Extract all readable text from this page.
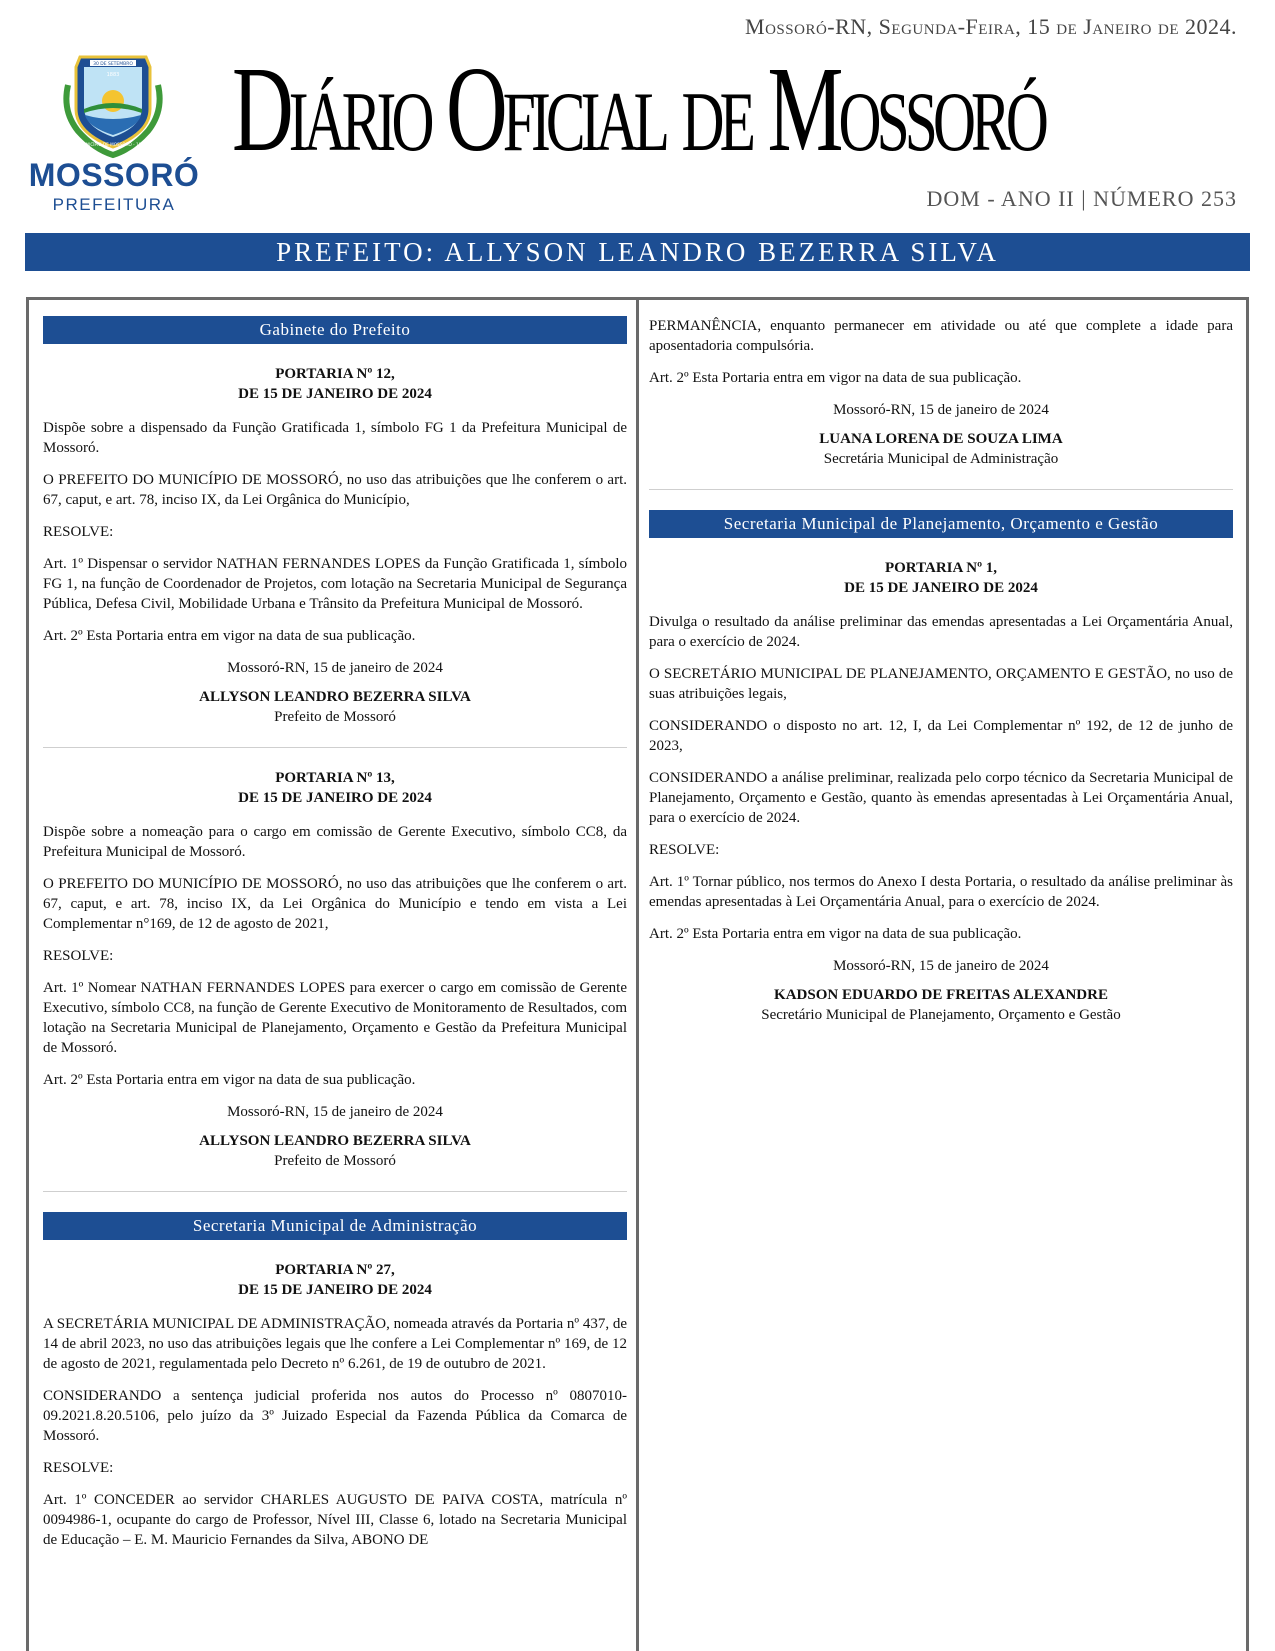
Mossoró-RN, Segunda-Feira, 15 de Janeiro de 2024.
30 DE SETEMBRO
1883
MUNICÍPIO DE MOSSORÓ - 1852
MOSSORÓ
PREFEITURA
Diário Oficial de Mossoró
DOM - ANO II | NÚMERO 253
PREFEITO: ALLYSON LEANDRO BEZERRA SILVA
Gabinete do Prefeito

PORTARIA Nº 12,

DE 15 DE JANEIRO DE 2024

Dispõe sobre a dispensado da Função Gratificada 1, símbolo FG 1 da Prefeitura Municipal de Mossoró.

O PREFEITO DO MUNICÍPIO DE MOSSORÓ, no uso das atribuições que lhe conferem o art. 67, caput, e art. 78, inciso IX, da Lei Orgânica do Município,

RESOLVE:

Art. 1º Dispensar o servidor NATHAN FERNANDES LOPES da Função Gratificada 1, símbolo FG 1, na função de Coordenador de Projetos, com lotação na Secretaria Municipal de Segurança Pública, Defesa Civil, Mobilidade Urbana e Trânsito da Prefeitura Municipal de Mossoró.

Art. 2º Esta Portaria entra em vigor na data de sua publicação.

Mossoró-RN, 15 de janeiro de 2024

ALLYSON LEANDRO BEZERRA SILVA

Prefeito de Mossoró

PORTARIA Nº 13,

DE 15 DE JANEIRO DE 2024

Dispõe sobre a nomeação para o cargo em comissão de Gerente Executivo, símbolo CC8, da Prefeitura Municipal de Mossoró.

O PREFEITO DO MUNICÍPIO DE MOSSORÓ, no uso das atribuições que lhe conferem o art. 67, caput, e art. 78, inciso IX, da Lei Orgânica do Município e tendo em vista a Lei Complementar n°169, de 12 de agosto de 2021,

RESOLVE:

Art. 1º Nomear NATHAN FERNANDES LOPES para exercer o cargo em comissão de Gerente Executivo, símbolo CC8, na função de Gerente Executivo de Monitoramento de Resultados, com lotação na Secretaria Municipal de Planejamento, Orçamento e Gestão da Prefeitura Municipal de Mossoró.

Art. 2º Esta Portaria entra em vigor na data de sua publicação.

Mossoró-RN, 15 de janeiro de 2024

ALLYSON LEANDRO BEZERRA SILVA

Prefeito de Mossoró

Secretaria Municipal de Administração

PORTARIA Nº 27,

DE 15 DE JANEIRO DE 2024

A SECRETÁRIA MUNICIPAL DE ADMINISTRAÇÃO, nomeada através da Portaria nº 437, de 14 de abril 2023, no uso das atribuições legais que lhe confere a Lei Complementar nº 169, de 12 de agosto de 2021, regulamentada pelo Decreto nº 6.261, de 19 de outubro de 2021.

CONSIDERANDO a sentença judicial proferida nos autos do Processo nº 0807010-09.2021.8.20.5106, pelo juízo da 3º Juizado Especial da Fazenda Pública da Comarca de Mossoró.

RESOLVE:

Art. 1º CONCEDER ao servidor CHARLES AUGUSTO DE PAIVA COSTA, matrícula nº 0094986-1, ocupante do cargo de Professor, Nível III, Classe 6, lotado na Secretaria Municipal de Educação – E. M. Mauricio Fernandes da Silva, ABONO DE

PERMANÊNCIA, enquanto permanecer em atividade ou até que complete a idade para aposentadoria compulsória.

Art. 2º Esta Portaria entra em vigor na data de sua publicação.

Mossoró-RN, 15 de janeiro de 2024

LUANA LORENA DE SOUZA LIMA

Secretária Municipal de Administração

Secretaria Municipal de Planejamento, Orçamento e Gestão

PORTARIA Nº 1,

DE 15 DE JANEIRO DE 2024

Divulga o resultado da análise preliminar das emendas apresentadas a Lei Orçamentária Anual, para o exercício de 2024.

O SECRETÁRIO MUNICIPAL DE PLANEJAMENTO, ORÇAMENTO E GESTÃO, no uso de suas atribuições legais,

CONSIDERANDO o disposto no art. 12, I, da Lei Complementar nº 192, de 12 de junho de 2023,

CONSIDERANDO a análise preliminar, realizada pelo corpo técnico da Secretaria Municipal de Planejamento, Orçamento e Gestão, quanto às emendas apresentadas à Lei Orçamentária Anual, para o exercício de 2024.

RESOLVE:

Art. 1º Tornar público, nos termos do Anexo I desta Portaria, o resultado da análise preliminar às emendas apresentadas à Lei Orçamentária Anual, para o exercício de 2024.

Art. 2º Esta Portaria entra em vigor na data de sua publicação.

Mossoró-RN, 15 de janeiro de 2024

KADSON EDUARDO DE FREITAS ALEXANDRE

Secretário Municipal de Planejamento, Orçamento e Gestão
